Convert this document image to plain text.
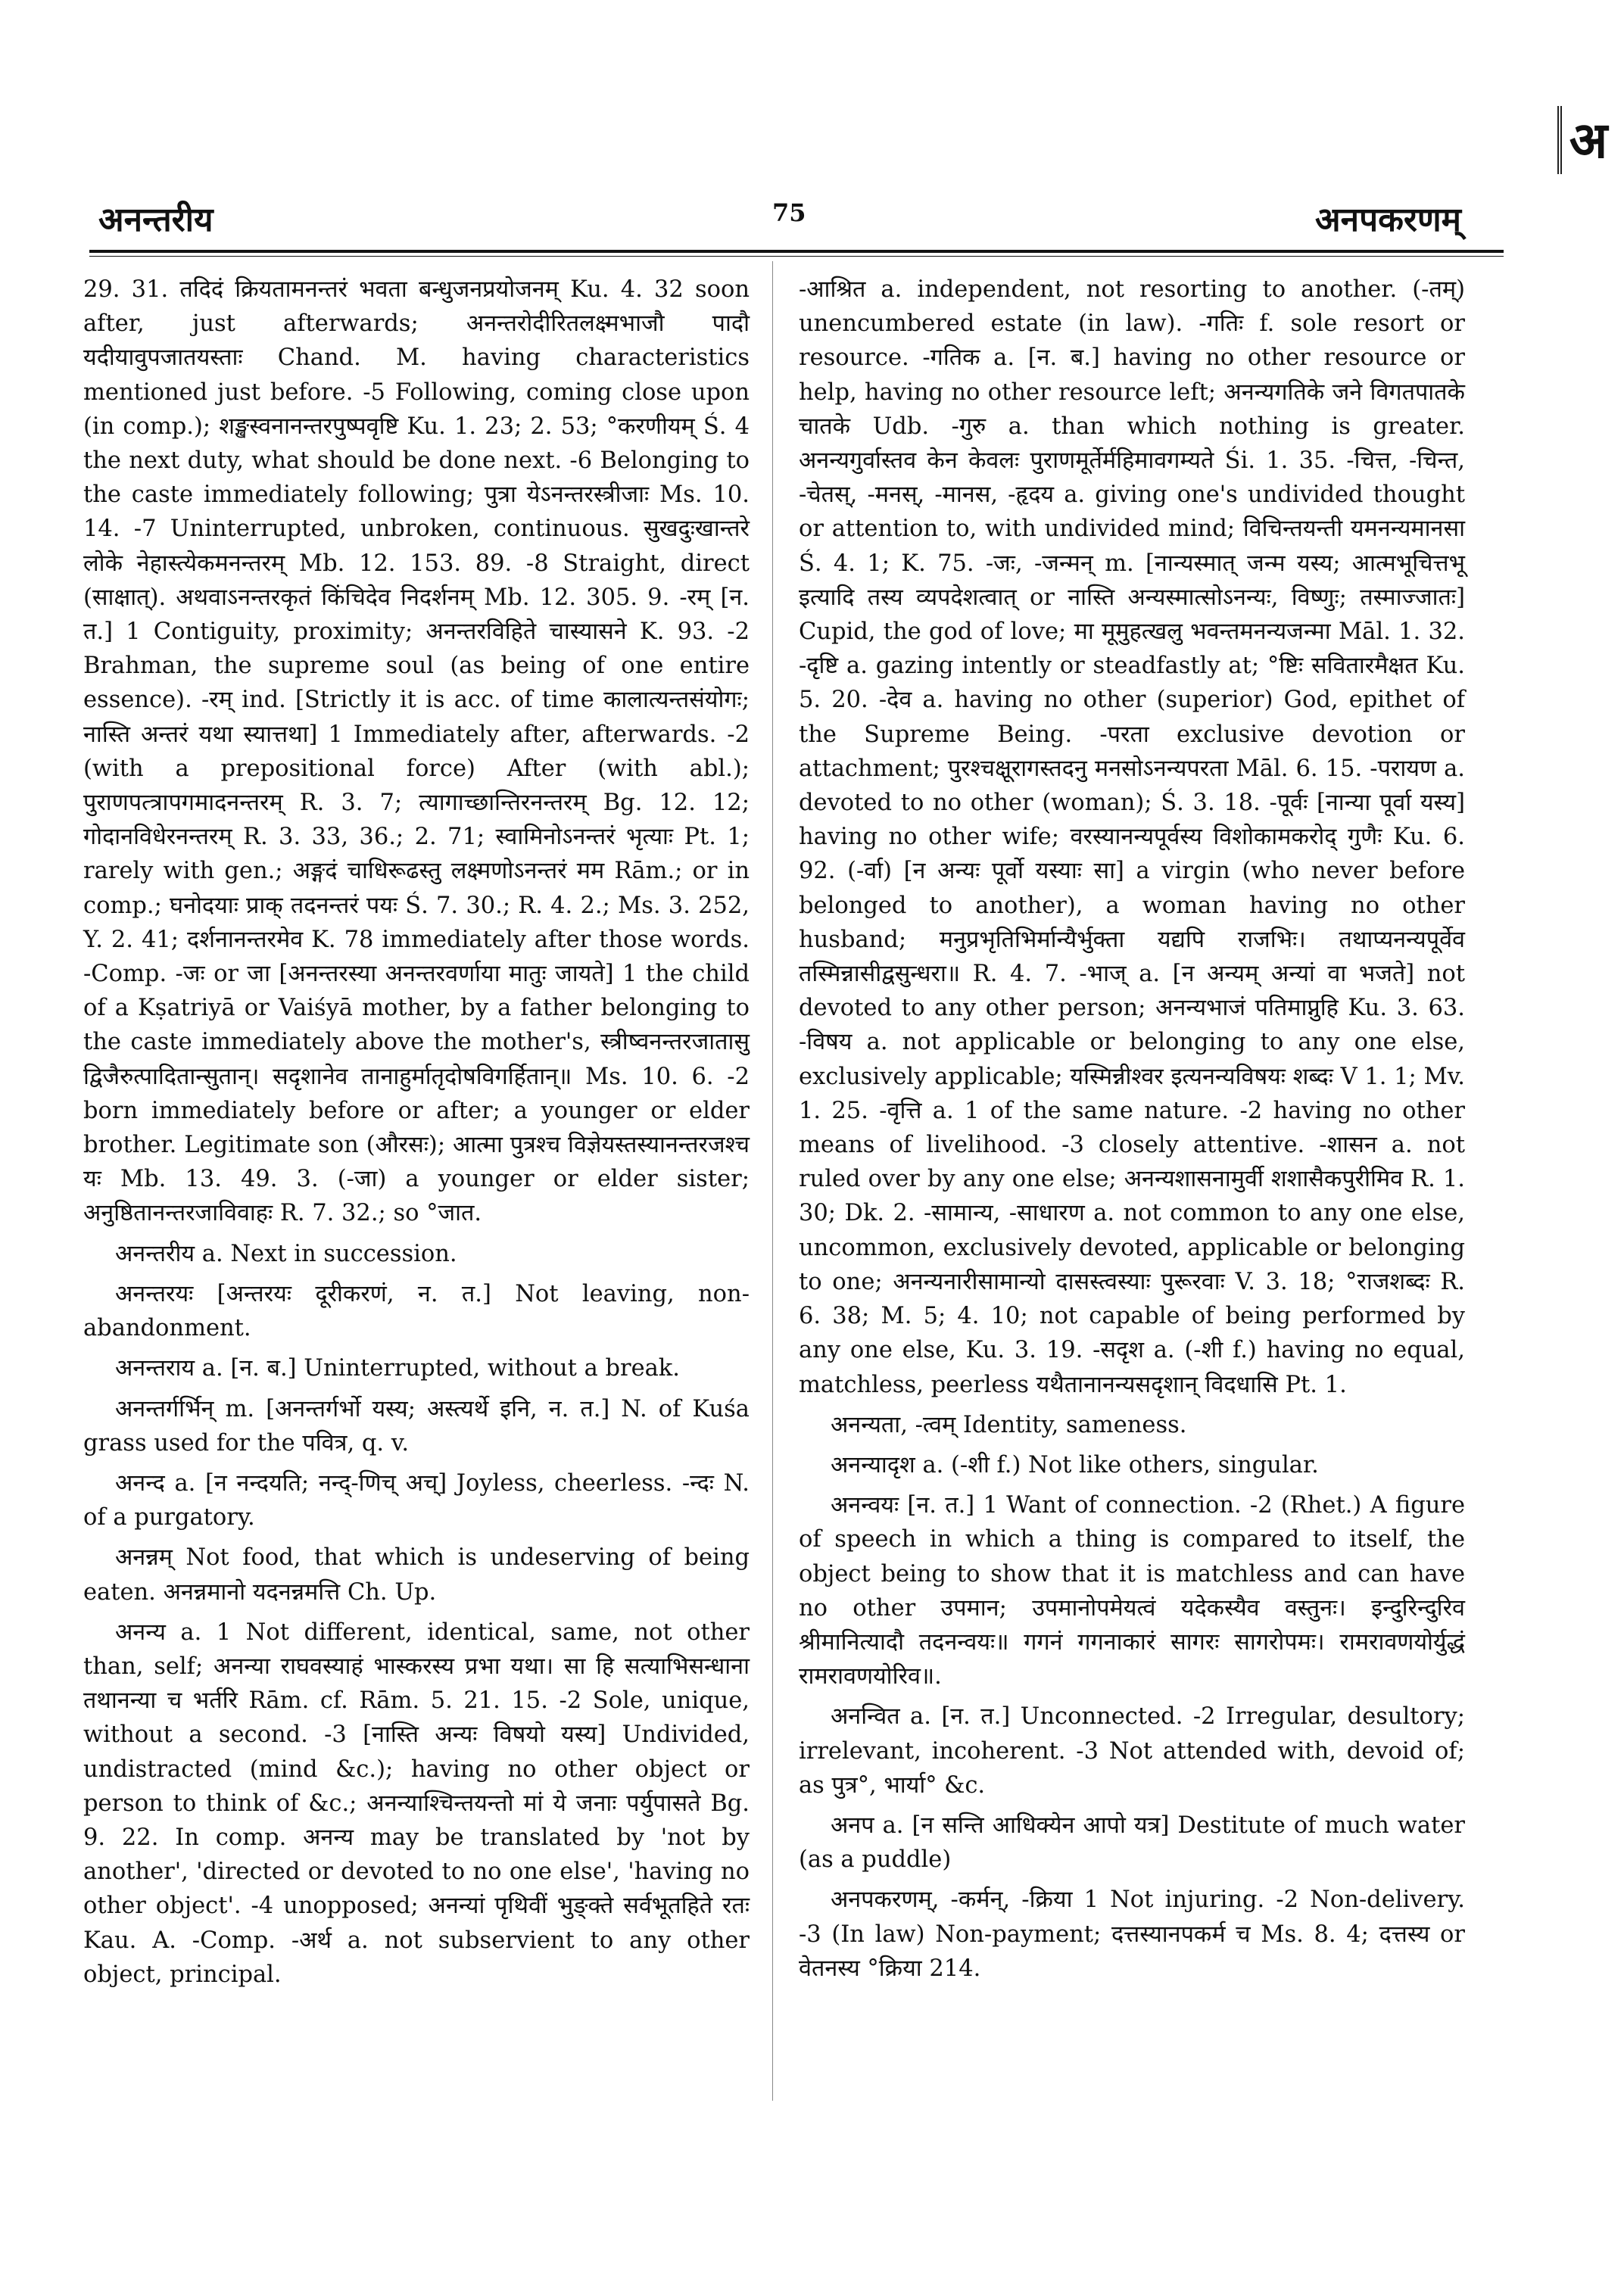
अ
अनन्तरीय	75	अनपकरणम्

29. 31. तदिदं क्रियतामनन्तरं भवता बन्धुजनप्रयोजनम् Ku. 4. 32 soon after, just afterwards; अनन्तरोदीरितलक्ष्मभाजौ पादौ यदीयावुपजातयस्ताः Chand. M. having characteristics mentioned just before. -5 Following, coming close upon (in comp.); शङ्खस्वनानन्तरपुष्पवृष्टि Ku. 1. 23; 2. 53; °करणीयम् Ś. 4 the next duty, what should be done next. -6 Belonging to the caste immediately following; पुत्रा येऽनन्तरस्त्रीजाः Ms. 10. 14. -7 Uninterrupted, unbroken, continuous. सुखदुःखान्तरे लोके नेहास्त्येकमनन्तरम् Mb. 12. 153. 89. -8 Straight, direct (साक्षात्). अथवाऽनन्तरकृतं किंचिदेव निदर्शनम् Mb. 12. 305. 9. -रम् [न. त.] 1 Contiguity, proximity; अनन्तरविहिते चास्यासने K. 93. -2 Brahman, the supreme soul (as being of one entire essence). -रम् ind. [Strictly it is acc. of time कालात्यन्तसंयोगः; नास्ति अन्तरं यथा स्यात्तथा] 1 Immediately after, afterwards. -2 (with a prepositional force) After (with abl.); पुराणपत्त्रापगमादनन्तरम् R. 3. 7; त्यागाच्छान्तिरनन्तरम् Bg. 12. 12; गोदानविधेरनन्तरम् R. 3. 33, 36.; 2. 71; स्वामिनोऽनन्तरं भृत्याः Pt. 1; rarely with gen.; अङ्गदं चाधिरूढस्तु लक्ष्मणोऽनन्तरं मम Rām.; or in comp.; घनोदयाः प्राक् तदनन्तरं पयः Ś. 7. 30.; R. 4. 2.; Ms. 3. 252, Y. 2. 41; दर्शनानन्तरमेव K. 78 immediately after those words. -Comp. -जः or जा [अनन्तरस्या अनन्तरवर्णाया मातुः जायते] 1 the child of a Kṣatriyā or Vaiśyā mother, by a father belonging to the caste immediately above the mother's, स्त्रीष्वनन्तरजातासु द्विजैरुत्पादितान्सुतान्। सदृशानेव तानाहुर्मातृदोषविगर्हितान्॥ Ms. 10. 6. -2 born immediately before or after; a younger or elder brother. Legitimate son (औरसः); आत्मा पुत्रश्च विज्ञेयस्तस्यानन्तरजश्च यः Mb. 13. 49. 3. (-जा) a younger or elder sister; अनुष्ठितानन्तरजाविवाहः R. 7. 32.; so °जात.

अनन्तरीय a. Next in succession.

अनन्तरयः [अन्तरयः दूरीकरणं, न. त.] Not leaving, non-abandonment.

अनन्तराय a. [न. ब.] Uninterrupted, without a break.

अनन्तर्गर्भिन् m. [अनन्तर्गर्भो यस्य; अस्त्यर्थे इनि, न. त.] N. of Kuśa grass used for the पवित्र, q. v.

अनन्द a. [न नन्दयति; नन्द्-णिच् अच्] Joyless, cheerless. -न्दः N. of a purgatory.

अनन्नम् Not food, that which is undeserving of being eaten. अनन्नमानो यदनन्नमत्ति Ch. Up.

अनन्य a. 1 Not different, identical, same, not other than, self; अनन्या राघवस्याहं भास्करस्य प्रभा यथा। सा हि सत्याभिसन्धाना तथानन्या च भर्तरि Rām. cf. Rām. 5. 21. 15. -2 Sole, unique, without a second. -3 [नास्ति अन्यः विषयो यस्य] Undivided, undistracted (mind &c.); having no other object or person to think of &c.; अनन्याश्चिन्तयन्तो मां ये जनाः पर्युपासते Bg. 9. 22. In comp. अनन्य may be translated by 'not by another', 'directed or devoted to no one else', 'having no other object'. -4 unopposed; अनन्यां पृथिवीं भुङ्क्ते सर्वभूतहिते रतः Kau. A. -Comp. -अर्थ a. not subservient to any other object, principal.

-आश्रित a. independent, not resorting to another. (-तम्) unencumbered estate (in law). -गतिः f. sole resort or resource. -गतिक a. [न. ब.] having no other resource or help, having no other resource left; अनन्यगतिके जने विगतपातके चातके Udb. -गुरु a. than which nothing is greater. अनन्यगुर्वास्तव केन केवलः पुराणमूर्तेर्महिमावगम्यते Śi. 1. 35. -चित्त, -चिन्त, -चेतस्, -मनस्, -मानस, -हृदय a. giving one's undivided thought or attention to, with undivided mind; विचिन्तयन्ती यमनन्यमानसा Ś. 4. 1; K. 75. -जः, -जन्मन् m. [नान्यस्मात् जन्म यस्य; आत्मभूचित्तभू इत्यादि तस्य व्यपदेशत्वात् or नास्ति अन्यस्मात्सोऽनन्यः, विष्णुः; तस्माज्जातः] Cupid, the god of love; मा मूमुहत्खलु भवन्तमनन्यजन्मा Māl. 1. 32. -दृष्टि a. gazing intently or steadfastly at; °ष्टिः सवितारमैक्षत Ku. 5. 20. -देव a. having no other (superior) God, epithet of the Supreme Being. -परता exclusive devotion or attachment; पुरश्चक्षूरागस्तदनु मनसोऽनन्यपरता Māl. 6. 15. -परायण a. devoted to no other (woman); Ś. 3. 18. -पूर्वः [नान्या पूर्वा यस्य] having no other wife; वरस्यानन्यपूर्वस्य विशोकामकरोद् गुणैः Ku. 6. 92. (-र्वा) [न अन्यः पूर्वो यस्याः सा] a virgin (who never before belonged to another), a woman having no other husband; मनुप्रभृतिभिर्मान्यैर्भुक्ता यद्यपि राजभिः। तथाप्यनन्यपूर्वेव तस्मिन्नासीद्वसुन्धरा॥ R. 4. 7. -भाज् a. [न अन्यम् अन्यां वा भजते] not devoted to any other person; अनन्यभाजं पतिमाप्नुहि Ku. 3. 63. -विषय a. not applicable or belonging to any one else, exclusively applicable; यस्मिन्नीश्वर इत्यनन्यविषयः शब्दः V 1. 1; Mv. 1. 25. -वृत्ति a. 1 of the same nature. -2 having no other means of livelihood. -3 closely attentive. -शासन a. not ruled over by any one else; अनन्यशासनामुर्वी शशासैकपुरीमिव R. 1. 30; Dk. 2. -सामान्य, -साधारण a. not common to any one else, uncommon, exclusively devoted, applicable or belonging to one; अनन्यनारीसामान्यो दासस्त्वस्याः पुरूरवाः V. 3. 18; °राजशब्दः R. 6. 38; M. 5; 4. 10; not capable of being performed by any one else, Ku. 3. 19. -सदृश a. (-शी f.) having no equal, matchless, peerless यथैतानानन्यसदृशान् विदधासि Pt. 1.

अनन्यता, -त्वम् Identity, sameness.

अनन्यादृश a. (-शी f.) Not like others, singular.

अनन्वयः [न. त.] 1 Want of connection. -2 (Rhet.) A figure of speech in which a thing is compared to itself, the object being to show that it is matchless and can have no other उपमान; उपमानोपमेयत्वं यदेकस्यैव वस्तुनः। इन्दुरिन्दुरिव श्रीमानित्यादौ तदनन्वयः॥ गगनं गगनाकारं सागरः सागरोपमः। रामरावणयोर्युद्धं रामरावणयोरिव॥.

अनन्वित a. [न. त.] Unconnected. -2 Irregular, desultory; irrelevant, incoherent. -3 Not attended with, devoid of; as पुत्र°, भार्या° &c.

अनप a. [न सन्ति आधिक्येन आपो यत्र] Destitute of much water (as a puddle)

अनपकरणम्, -कर्मन्, -क्रिया 1 Not injuring. -2 Non-delivery. -3 (In law) Non-payment; दत्तस्यानपकर्म च Ms. 8. 4; दत्तस्य or वेतनस्य °क्रिया 214.
